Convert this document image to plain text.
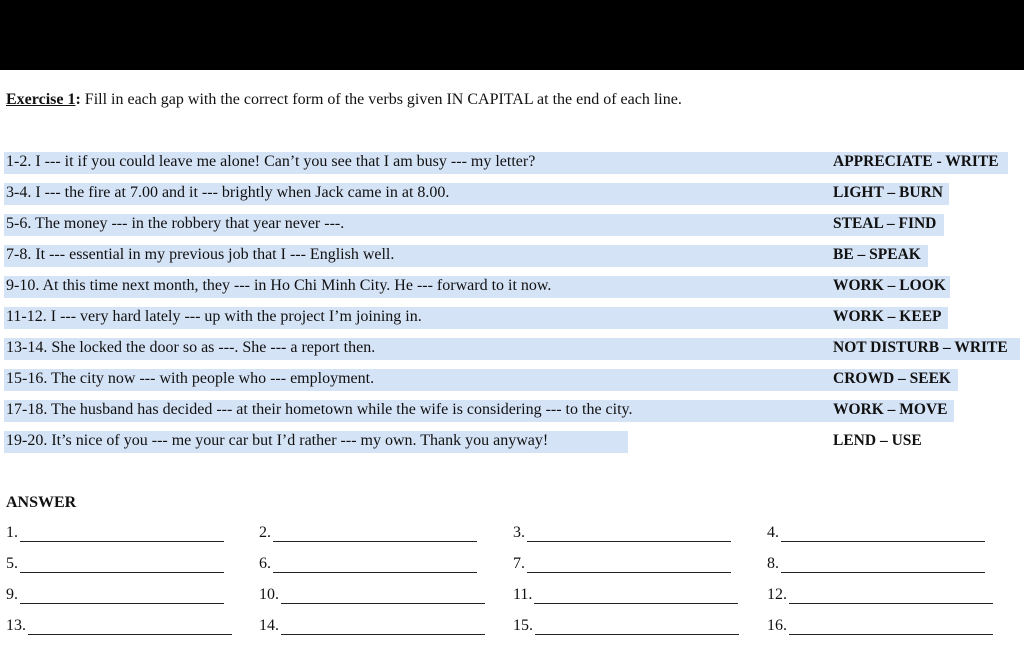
Exercise 1: Fill in each gap with the correct form of the verbs given IN CAPITAL at the end of each line.
1-2. I --- it if you could leave me alone! Can’t you see that I am busy --- my letter?	APPRECIATE - WRITE
3-4. I --- the fire at 7.00 and it --- brightly when Jack came in at 8.00.	LIGHT – BURN
5-6. The money --- in the robbery that year never ---.	STEAL – FIND
7-8. It --- essential in my previous job that I --- English well.	BE – SPEAK
9-10. At this time next month, they --- in Ho Chi Minh City. He --- forward to it now.	WORK – LOOK
11-12. I --- very hard lately --- up with the project I’m joining in.	WORK – KEEP
13-14. She locked the door so as ---. She --- a report then.	NOT DISTURB – WRITE
15-16. The city now --- with people who --- employment.	CROWD – SEEK
17-18. The husband has decided --- at their hometown while the wife is considering --- to the city.	WORK – MOVE
19-20. It’s nice of you --- me your car but I’d rather --- my own. Thank you anyway!	LEND – USE
ANSWER
1.	2.	3.	4.
5.	6.	7.	8.
9.	10.	11.	12.
13.	14.	15.	16.
